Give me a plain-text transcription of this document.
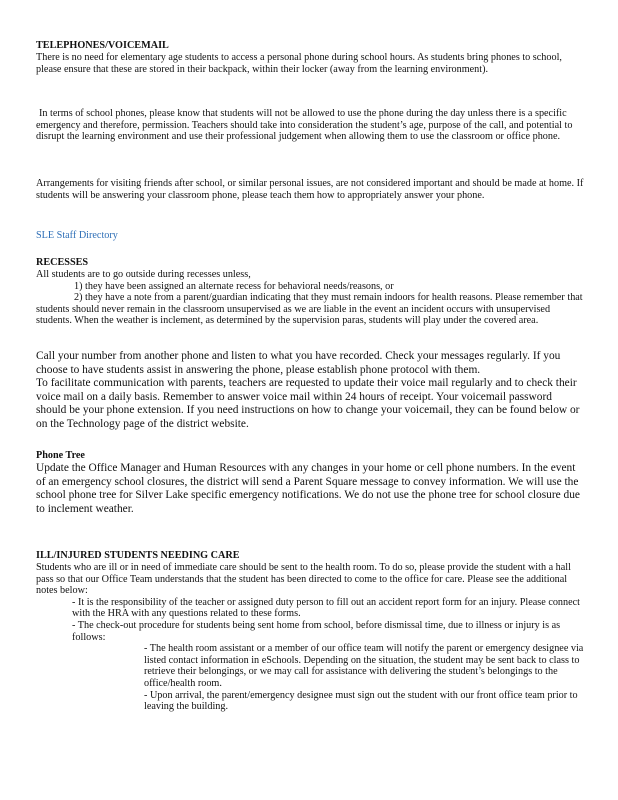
TELEPHONES/VOICEMAIL

There is no need for elementary age students to access a personal phone during school hours. As students bring phones to school, please ensure that these are stored in their backpack, within their locker (away from the learning environment).

In terms of school phones, please know that students will not be allowed to use the phone during the day unless there is a specific emergency and therefore, permission. Teachers should take into consideration the student’s age, purpose of the call, and potential to disrupt the learning environment and use their professional judgement when allowing them to use the classroom or office phone.

Arrangements for visiting friends after school, or similar personal issues, are not considered important and should be made at home. If students will be answering your classroom phone, please teach them how to appropriately answer your phone.

SLE Staff Directory
RECESSES

All students are to go outside during recesses unless,

1) they have been assigned an alternate recess for behavioral needs/reasons, or

2) they have a note from a parent/guardian indicating that they must remain indoors for health reasons. Please remember that students should never remain in the classroom unsupervised as we are liable in the event an incident occurs with unsupervised students. When the weather is inclement, as determined by the supervision paras, students will play under the covered area.

Call your number from another phone and listen to what you have recorded. Check your messages regularly. If you choose to have students assist in answering the phone, please establish phone protocol with them.

To facilitate communication with parents, teachers are requested to update their voice mail regularly and to check their voice mail on a daily basis. Remember to answer voice mail within 24 hours of receipt. Your voicemail password should be your phone extension. If you need instructions on how to change your voicemail, they can be found below or on the Technology page of the district website.

Phone Tree

Update the Office Manager and Human Resources with any changes in your home or cell phone numbers. In the event of an emergency school closures, the district will send a Parent Square message to convey information. We will use the school phone tree for Silver Lake specific emergency notifications. We do not use the phone tree for school closure due to inclement weather.

ILL/INJURED STUDENTS NEEDING CARE

Students who are ill or in need of immediate care should be sent to the health room. To do so, please provide the student with a hall pass so that our Office Team understands that the student has been directed to come to the office for care. Please see the additional notes below:

- It is the responsibility of the teacher or assigned duty person to fill out an accident report form for an injury. Please connect with the HRA with any questions related to these forms.

- The check-out procedure for students being sent home from school, before dismissal time, due to illness or injury is as follows:

- The health room assistant or a member of our office team will notify the parent or emergency designee via listed contact information in eSchools. Depending on the situation, the student may be sent back to class to retrieve their belongings, or we may call for assistance with delivering the student’s belongings to the office/health room.

- Upon arrival, the parent/emergency designee must sign out the student with our front office team prior to leaving the building.
